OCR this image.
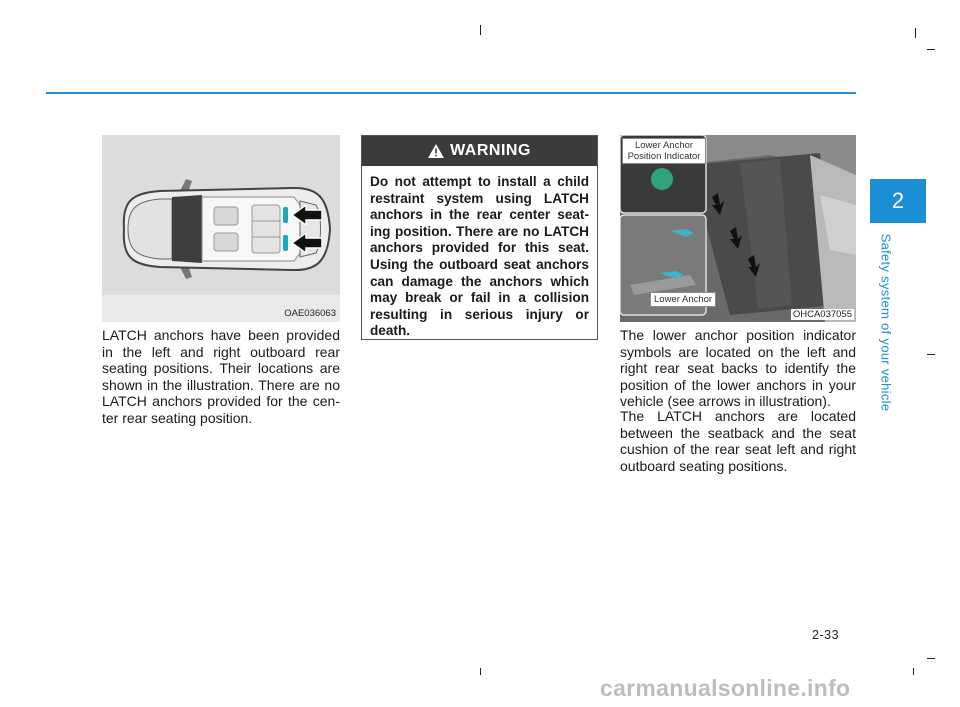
2
Safety system of your vehicle
OAE036063

LATCH anchors have been provided in the left and right outboard rear seating positions. Their locations are shown in the illustration. There are no LATCH anchors provided for the cen-ter rear seating position.

WARNING

Do not attempt to install a child restraint system using LATCH anchors in the rear center seat-ing position. There are no LATCH anchors provided for this seat. Using the outboard seat anchors can damage the anchors which may break or fail in a collision resulting in serious injury or death.

Lower Anchor Position Indicator
Lower Anchor
OHCA037055

The lower anchor position indicator symbols are located on the left and right rear seat backs to identify the position of the lower anchors in your vehicle (see arrows in illustration).

The LATCH anchors are located between the seatback and the seat cushion of the rear seat left and right outboard seating positions.

2-33
carmanualsonline.info
